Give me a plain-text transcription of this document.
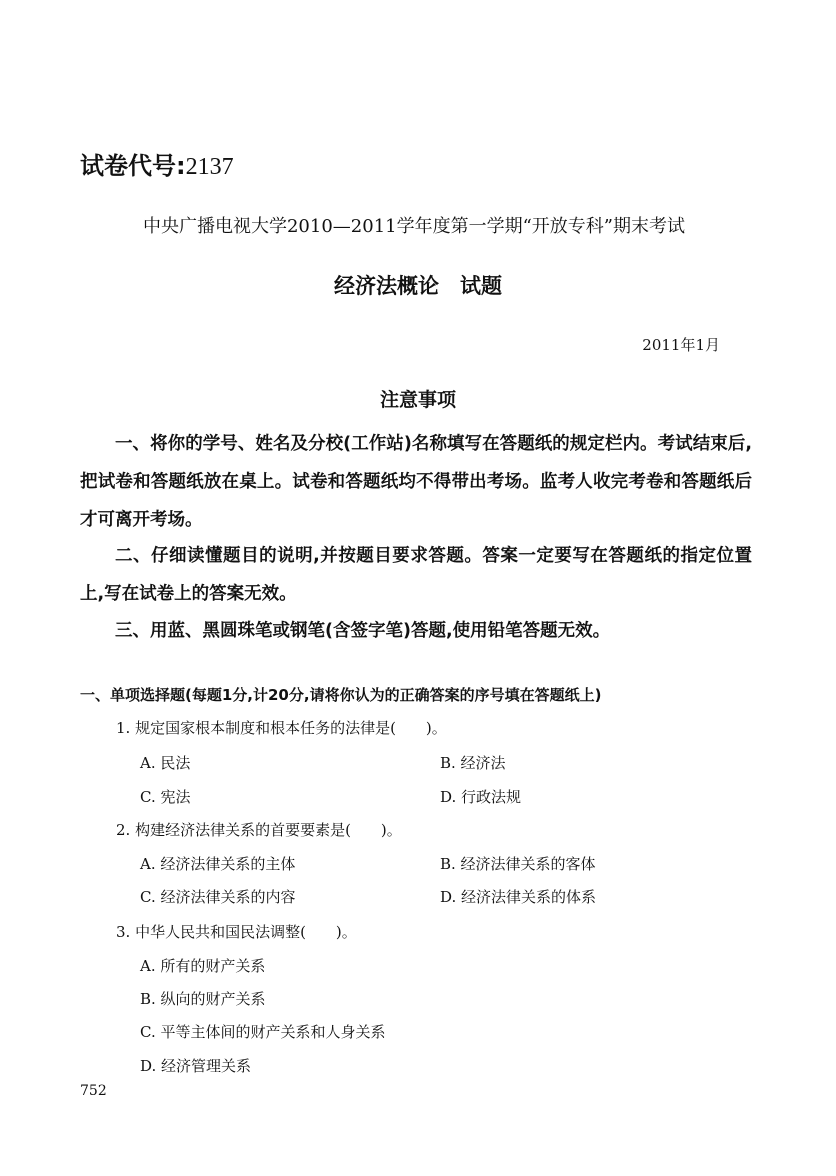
试卷代号:2137
中央广播电视大学2010—2011学年度第一学期“开放专科”期末考试
经济法概论　试题
2011年1月
注意事项

一、将你的学号、姓名及分校(工作站)名称填写在答题纸的规定栏内。考试结束后,把试卷和答题纸放在桌上。试卷和答题纸均不得带出考场。监考人收完考卷和答题纸后才可离开考场。

二、仔细读懂题目的说明,并按题目要求答题。答案一定要写在答题纸的指定位置上,写在试卷上的答案无效。

三、用蓝、黑圆珠笔或钢笔(含签字笔)答题,使用铅笔答题无效。

一、单项选择题(每题1分,计20分,请将你认为的正确答案的序号填在答题纸上)
1. 规定国家根本制度和根本任务的法律是(　　)。
A. 民法	B. 经济法
C. 宪法	D. 行政法规
2. 构建经济法律关系的首要要素是(　　)。
A. 经济法律关系的主体	B. 经济法律关系的客体
C. 经济法律关系的内容	D. 经济法律关系的体系
3. 中华人民共和国民法调整(　　)。
A. 所有的财产关系
B. 纵向的财产关系
C. 平等主体间的财产关系和人身关系
D. 经济管理关系
752
